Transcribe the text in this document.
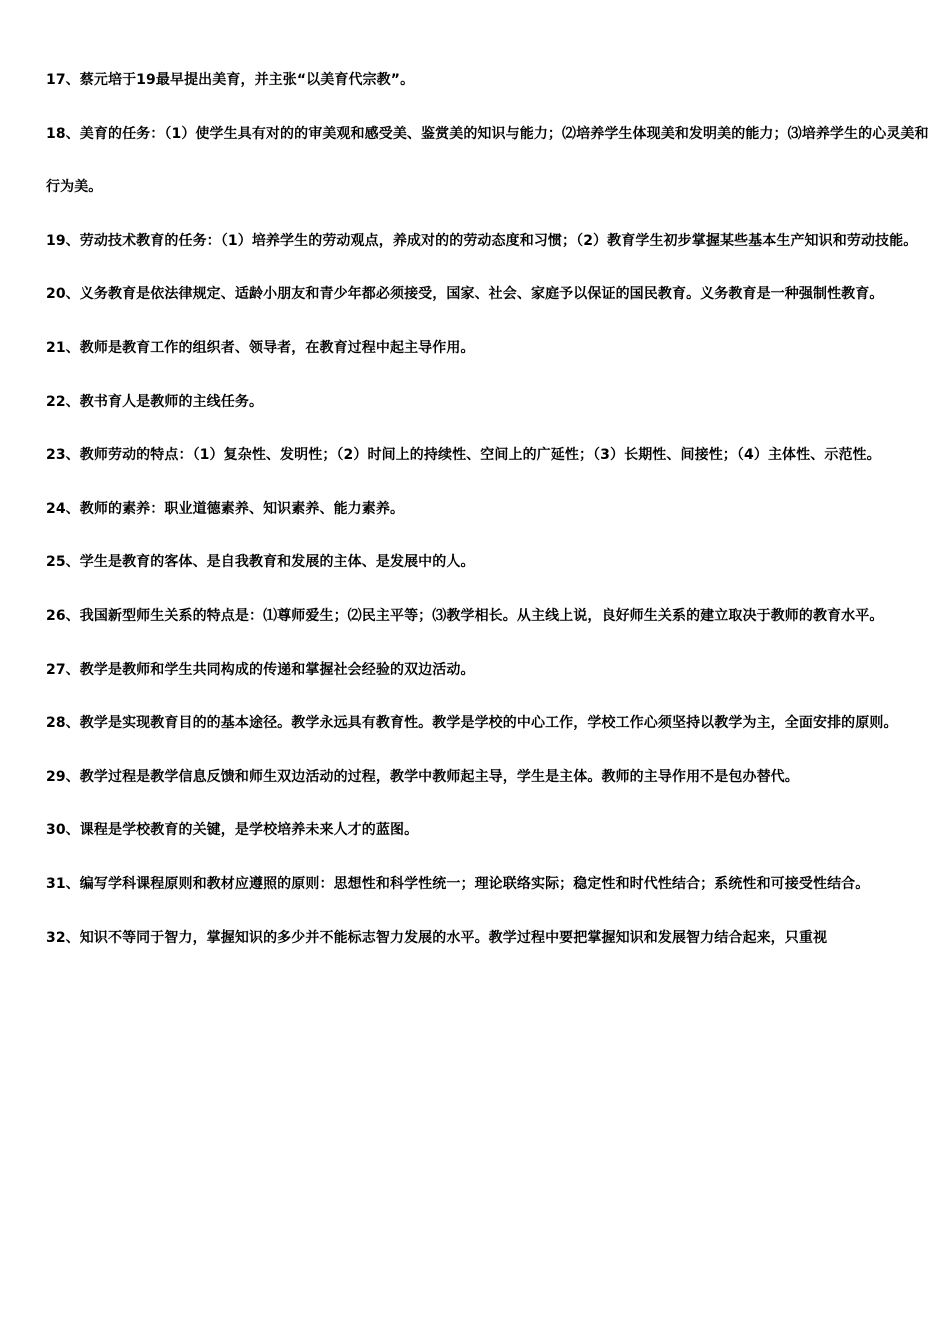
17、蔡元培于19最早提出美育，并主张“以美育代宗教”。

18、美育的任务：（1）使学生具有对的的审美观和感受美、鉴赏美的知识与能力；⑵培养学生体现美和发明美的能力；⑶培养学生的心灵美和行为美。

19、劳动技术教育的任务：（1）培养学生的劳动观点，养成对的的劳动态度和习惯；（2）教育学生初步掌握某些基本生产知识和劳动技能。

20、义务教育是依法律规定、适龄小朋友和青少年都必须接受，国家、社会、家庭予以保证的国民教育。义务教育是一种强制性教育。

21、教师是教育工作的组织者、领导者，在教育过程中起主导作用。

22、教书育人是教师的主线任务。

23、教师劳动的特点：（1）复杂性、发明性；（2）时间上的持续性、空间上的广延性；（3）长期性、间接性；（4）主体性、示范性。

24、教师的素养：职业道德素养、知识素养、能力素养。

25、学生是教育的客体、是自我教育和发展的主体、是发展中的人。

26、我国新型师生关系的特点是：⑴尊师爱生；⑵民主平等；⑶教学相长。从主线上说，良好师生关系的建立取决于教师的教育水平。

27、教学是教师和学生共同构成的传递和掌握社会经验的双边活动。

28、教学是实现教育目的的基本途径。教学永远具有教育性。教学是学校的中心工作，学校工作心须坚持以教学为主，全面安排的原则。

29、教学过程是教学信息反馈和师生双边活动的过程，教学中教师起主导，学生是主体。教师的主导作用不是包办替代。

30、课程是学校教育的关键，是学校培养未来人才的蓝图。

31、编写学科课程原则和教材应遵照的原则：思想性和科学性统一；理论联络实际；稳定性和时代性结合；系统性和可接受性结合。

32、知识不等同于智力，掌握知识的多少并不能标志智力发展的水平。教学过程中要把掌握知识和发展智力结合起来，只重视
